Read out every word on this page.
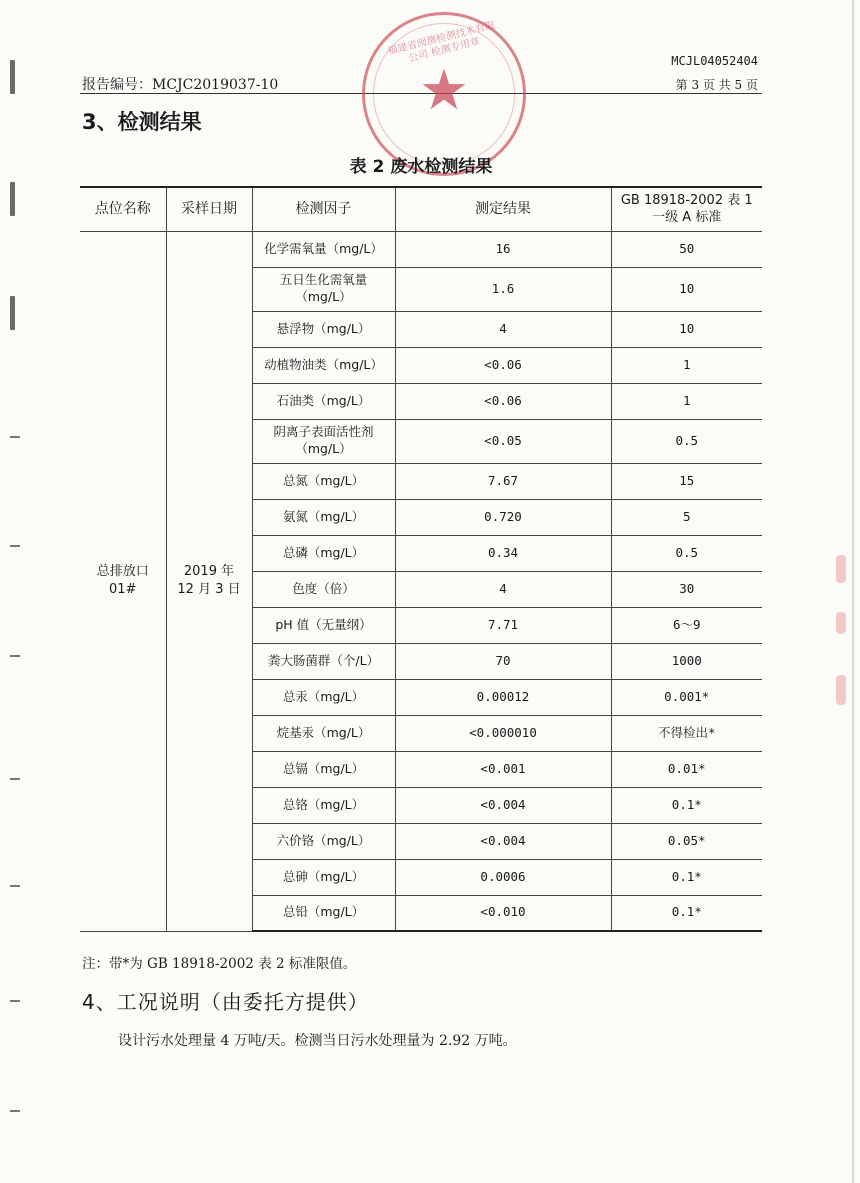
MCJL04052404
报告编号：MCJC2019037-10	第 3 页 共 5 页
福建省闽测检测技术有限公司 检测专用章
★
3、检测结果
表 2 废水检测结果
点位名称	采样日期	检测因子	测定结果	GB 18918-2002 表 1
一级 A 标准
总排放口
01#	2019 年
12 月 3 日	化学需氧量（mg/L）	16	50
		五日生化需氧量
（mg/L）	1.6	10
		悬浮物（mg/L）	4	10
		动植物油类（mg/L）	<0.06	1
		石油类（mg/L）	<0.06	1
		阴离子表面活性剂
（mg/L）	<0.05	0.5
		总氮（mg/L）	7.67	15
		氨氮（mg/L）	0.720	5
		总磷（mg/L）	0.34	0.5
		色度（倍）	4	30
		pH 值（无量纲）	7.71	6～9
		粪大肠菌群（个/L）	70	1000
		总汞（mg/L）	0.00012	0.001*
		烷基汞（mg/L）	<0.000010	不得检出*
		总镉（mg/L）	<0.001	0.01*
		总铬（mg/L）	<0.004	0.1*
		六价铬（mg/L）	<0.004	0.05*
		总砷（mg/L）	0.0006	0.1*
		总铅（mg/L）	<0.010	0.1*
注：带*为 GB 18918-2002 表 2 标准限值。
4、工况说明（由委托方提供）
设计污水处理量 4 万吨/天。检测当日污水处理量为 2.92 万吨。
